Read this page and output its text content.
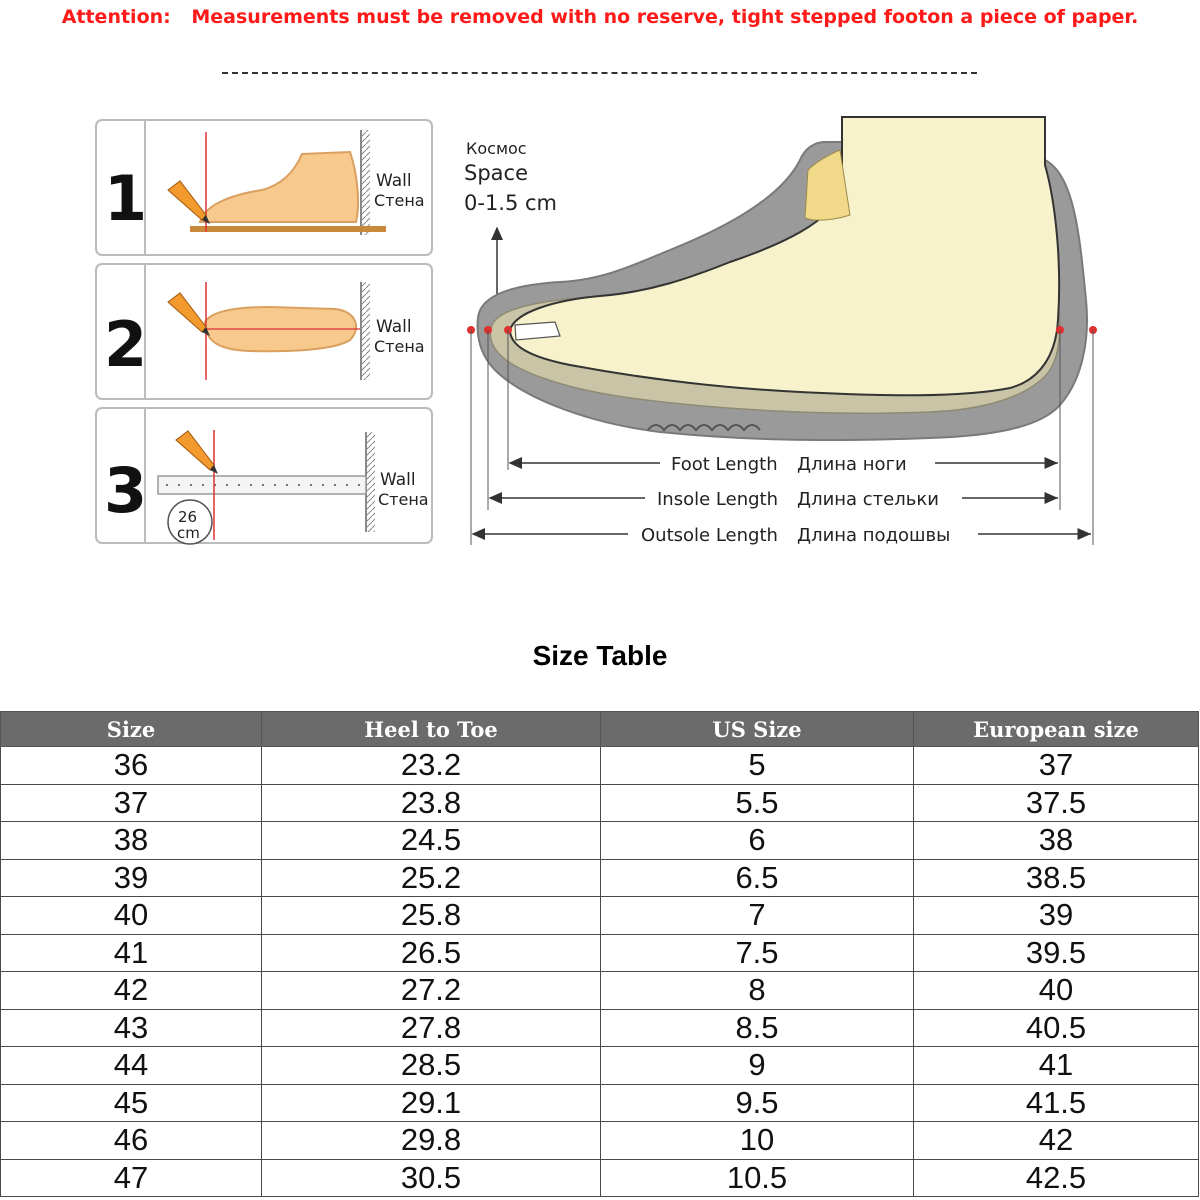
Attention: Measurements must be removed with no reserve, tight stepped footon a piece of paper.
1	Wall
Стена
2	Wall
Стена
3 26
cm
Wall
Стена
Космос
Space
0-1.5 cm
Foot Length Длина ноги
Insole Length Длина стельки
Outsole Length Длина подошвы
Size Table
Size	Heel to Toe	US Size	European size
36	23.2	5	37
37	23.8	5.5	37.5
38	24.5	6	38
39	25.2	6.5	38.5
40	25.8	7	39
41	26.5	7.5	39.5
42	27.2	8	40
43	27.8	8.5	40.5
44	28.5	9	41
45	29.1	9.5	41.5
46	29.8	10	42
47	30.5	10.5	42.5
